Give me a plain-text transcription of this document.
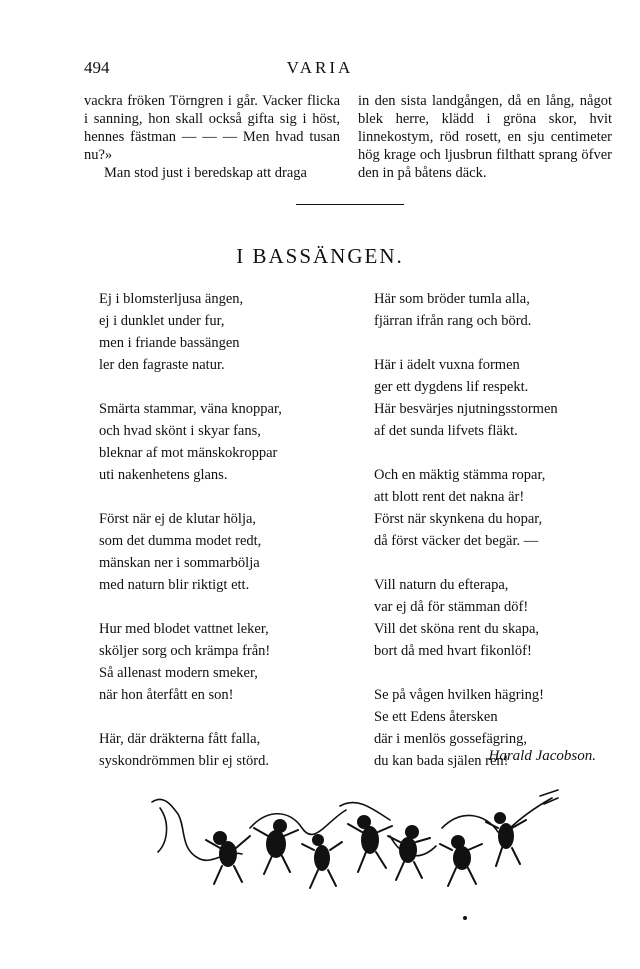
494	VARIA

vackra fröken Törngren i går. Vacker flicka i sanning, hon skall också gifta sig i höst, hennes fästman — — — Men hvad tusan nu?»

Man stod just i beredskap att draga

in den sista landgången, då en lång, något blek herre, klädd i gröna skor, hvit linnekostym, röd rosett, en sju centimeter hög krage och ljusbrun filthatt sprang öfver den in på båtens däck.

I BASSÄNGEN.
Ej i blomsterljusa ängen,
ej i dunklet under fur,
men i friande bassängen
ler den fagraste natur.
Smärta stammar, väna knoppar,
och hvad skönt i skyar fans,
bleknar af mot mänskokroppar
uti nakenhetens glans.
Först när ej de klutar hölja,
som det dumma modet redt,
mänskan ner i sommarbölja
med naturn blir riktigt ett.
Hur med blodet vattnet leker,
sköljer sorg och krämpa från!
Så allenast modern smeker,
när hon återfått en son!
Här, där dräkterna fått falla,
syskondrömmen blir ej störd.
Här som bröder tumla alla,
fjärran ifrån rang och börd.
Här i ädelt vuxna formen
ger ett dygdens lif respekt.
Här besvärjes njutningsstormen
af det sunda lifvets fläkt.
Och en mäktig stämma ropar,
att blott rent det nakna är!
Först när skynkena du hopar,
då först väcker det begär. —
Vill naturn du efterapa,
var ej då för stämman döf!
Vill det sköna rent du skapa,
bort då med hvart fikonlöf!
Se på vågen hvilken hägring!
Se ett Edens återsken
där i menlös gossefägring,
du kan bada själen ren!
Harald Jacobson.
